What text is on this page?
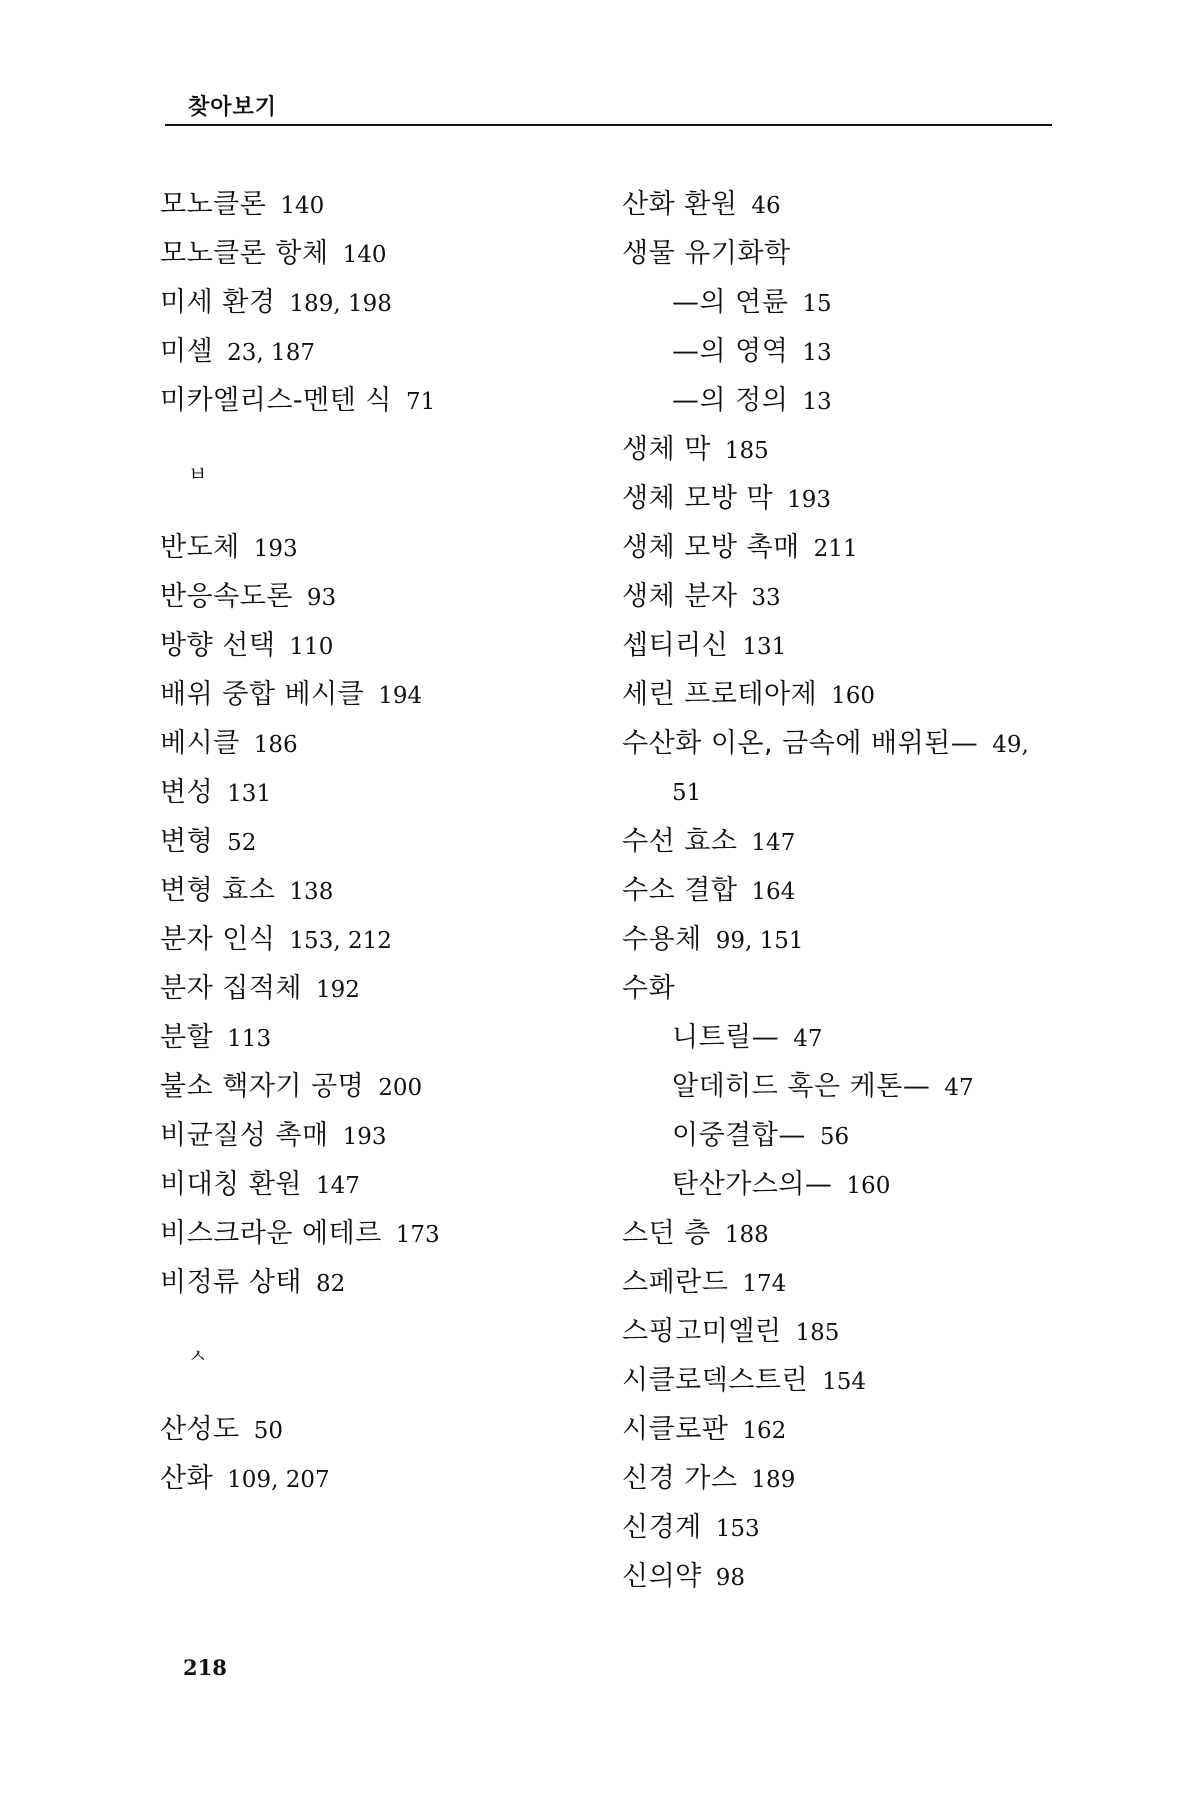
찾아보기
모노클론 140
모노클론 항체 140
미세 환경 189, 198
미셀 23, 187
미카엘리스-멘텐 식 71
ㅂ
반도체 193
반응속도론 93
방향 선택 110
배위 중합 베시클 194
베시클 186
변성 131
변형 52
변형 효소 138
분자 인식 153, 212
분자 집적체 192
분할 113
불소 핵자기 공명 200
비균질성 촉매 193
비대칭 환원 147
비스크라운 에테르 173
비정류 상태 82
ㅅ
산성도 50
산화 109, 207
산화 환원 46
생물 유기화학
—의 연륜 15
—의 영역 13
—의 정의 13
생체 막 185
생체 모방 막 193
생체 모방 촉매 211
생체 분자 33
셉티리신 131
세린 프로테아제 160
수산화 이온, 금속에 배위된— 49,
51
수선 효소 147
수소 결합 164
수용체 99, 151
수화
니트릴— 47
알데히드 혹은 케톤— 47
이중결합— 56
탄산가스의— 160
스던 층 188
스페란드 174
스핑고미엘린 185
시클로덱스트린 154
시클로판 162
신경 가스 189
신경계 153
신의약 98
218
